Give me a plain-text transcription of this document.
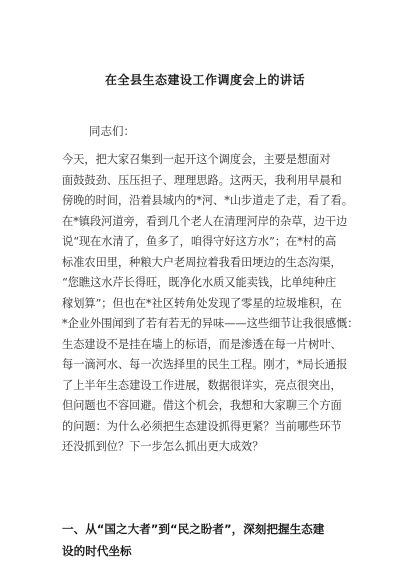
在全县生态建设工作调度会上的讲话
同志们：
今天，把大家召集到一起开这个调度会，主要是想面对
面鼓鼓劲、压压担子、理理思路。这两天，我利用早晨和
傍晚的时间，沿着县域内的*河、*山步道走了走，看了看。
在*镇段河道旁，看到几个老人在清理河岸的杂草，边干边
说“现在水清了，鱼多了，咱得守好这方水”；在*村的高
标准农田里，种粮大户老周拉着我看田埂边的生态沟渠，
“您瞧这水芹长得旺，既净化水质又能卖钱，比单纯种庄
稼划算”；但也在*社区转角处发现了零星的垃圾堆积，在
*企业外围闻到了若有若无的异味——这些细节让我很感慨：
生态建设不是挂在墙上的标语，而是渗透在每一片树叶、
每一滴河水、每一次选择里的民生工程。刚才，*局长通报
了上半年生态建设工作进展，数据很详实，亮点很突出，
但问题也不容回避。借这个机会，我想和大家聊三个方面
的问题：为什么必须把生态建设抓得更紧？当前哪些环节
还没抓到位？下一步怎么抓出更大成效？
一、从“国之大者”到“民之盼者”，深刻把握生态建
设的时代坐标
